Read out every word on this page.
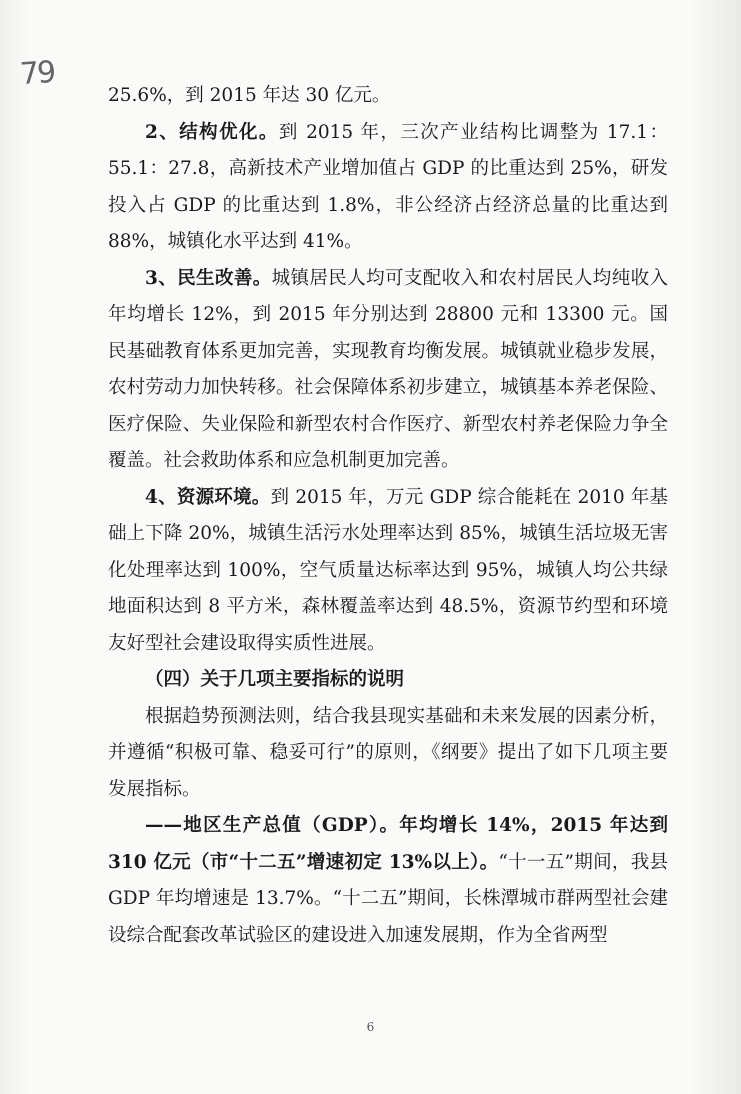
79

25.6%，到 2015 年达 30 亿元。

2、结构优化。到 2015 年，三次产业结构比调整为 17.1：55.1：27.8，高新技术产业增加值占 GDP 的比重达到 25%，研发投入占 GDP 的比重达到 1.8%，非公经济占经济总量的比重达到 88%，城镇化水平达到 41%。

3、民生改善。城镇居民人均可支配收入和农村居民人均纯收入年均增长 12%，到 2015 年分别达到 28800 元和 13300 元。国民基础教育体系更加完善，实现教育均衡发展。城镇就业稳步发展，农村劳动力加快转移。社会保障体系初步建立，城镇基本养老保险、医疗保险、失业保险和新型农村合作医疗、新型农村养老保险力争全覆盖。社会救助体系和应急机制更加完善。

4、资源环境。到 2015 年，万元 GDP 综合能耗在 2010 年基础上下降 20%，城镇生活污水处理率达到 85%，城镇生活垃圾无害化处理率达到 100%，空气质量达标率达到 95%，城镇人均公共绿地面积达到 8 平方米，森林覆盖率达到 48.5%，资源节约型和环境友好型社会建设取得实质性进展。

（四）关于几项主要指标的说明

根据趋势预测法则，结合我县现实基础和未来发展的因素分析，并遵循“积极可靠、稳妥可行”的原则，《纲要》提出了如下几项主要发展指标。

——地区生产总值（GDP）。年均增长 14%，2015 年达到 310 亿元（市“十二五”增速初定 13%以上）。“十一五”期间，我县 GDP 年均增速是 13.7%。“十二五”期间，长株潭城市群两型社会建设综合配套改革试验区的建设进入加速发展期，作为全省两型

6
